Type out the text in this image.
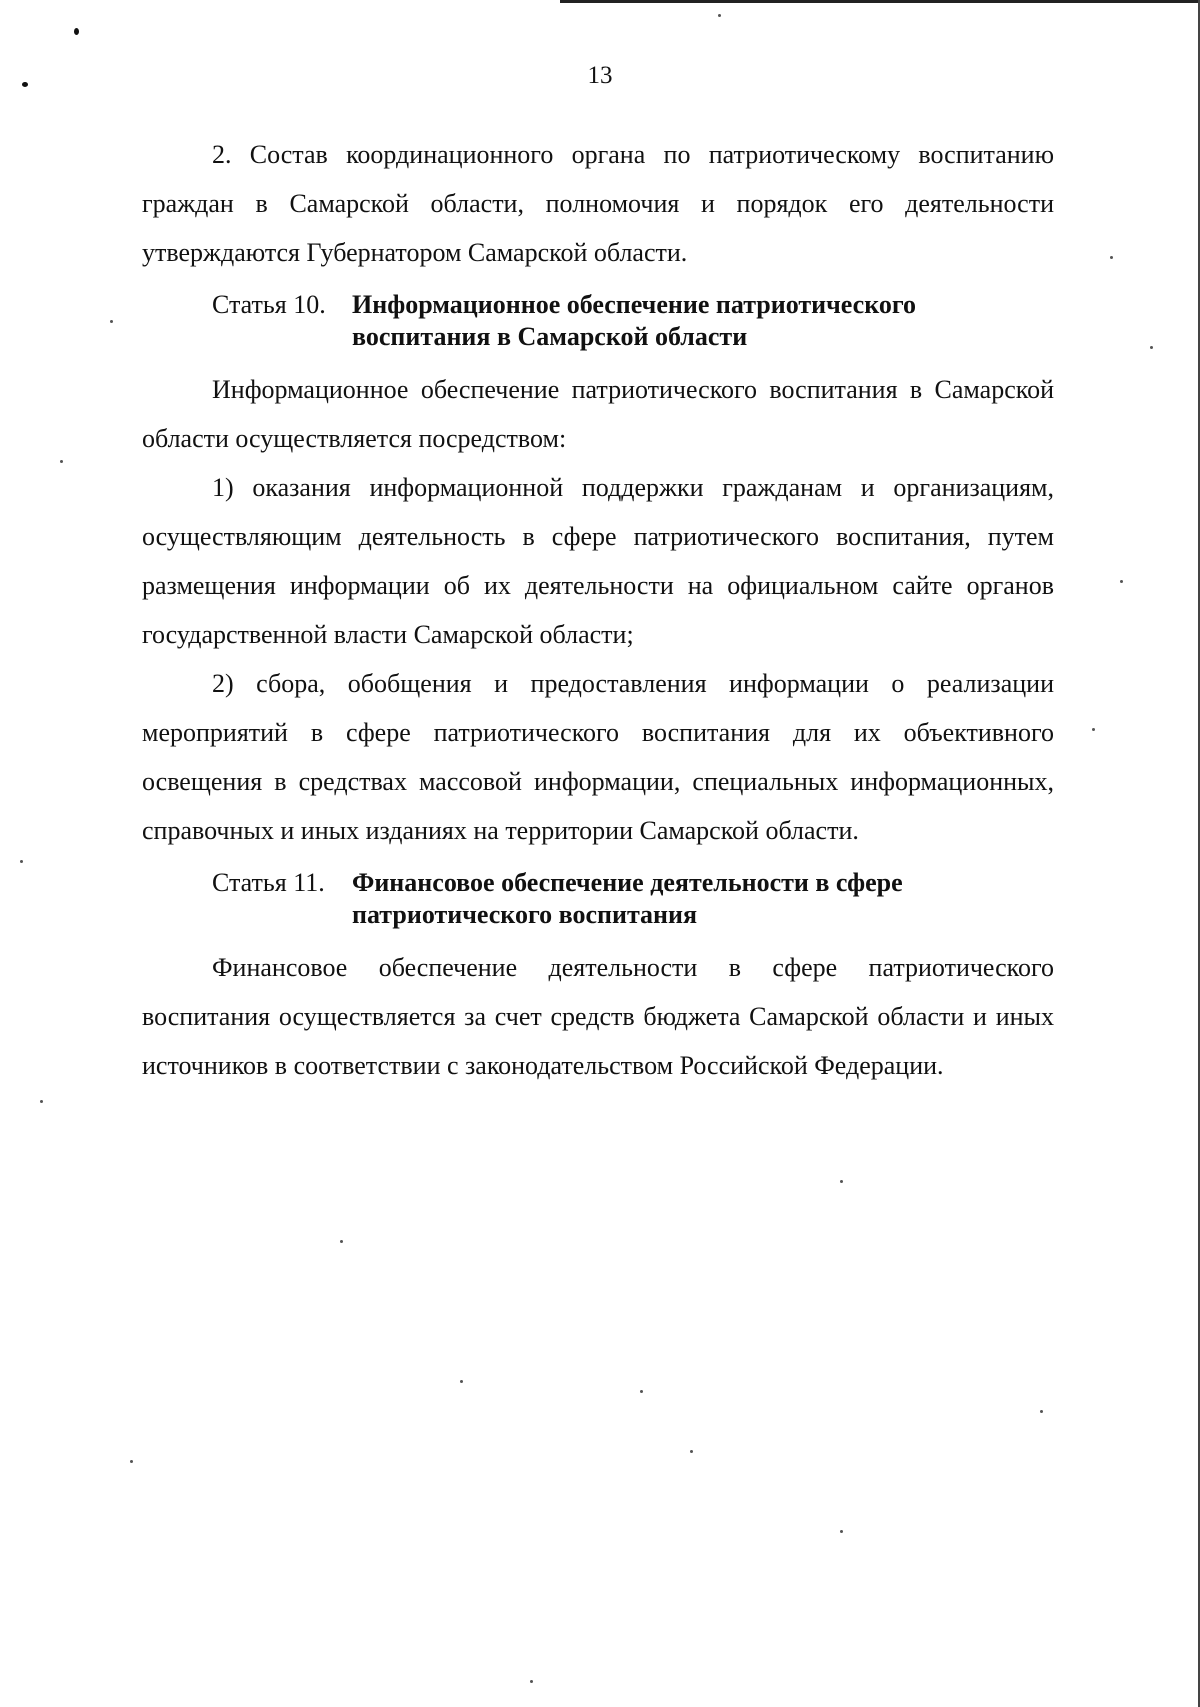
13

2. Состав координационного органа по патриотическому воспитанию граждан в Самарской области, полномочия и порядок его деятельности утверждаются Губернатором Самарской области.

Статья 10. Информационное обеспечение патриотического воспитания в Самарской области

Информационное обеспечение патриотического воспитания в Самарской области осуществляется посредством:

1) оказания информационной поддержки гражданам и организациям, осуществляющим деятельность в сфере патриотического воспитания, путем размещения информации об их деятельности на официальном сайте органов государственной власти Самарской области;

2) сбора, обобщения и предоставления информации о реализации мероприятий в сфере патриотического воспитания для их объективного освещения в средствах массовой информации, специальных информационных, справочных и иных изданиях на территории Самарской области.

Статья 11. Финансовое обеспечение деятельности в сфере патриотического воспитания

Финансовое обеспечение деятельности в сфере патриотического воспитания осуществляется за счет средств бюджета Самарской области и иных источников в соответствии с законодательством Российской Федерации.
